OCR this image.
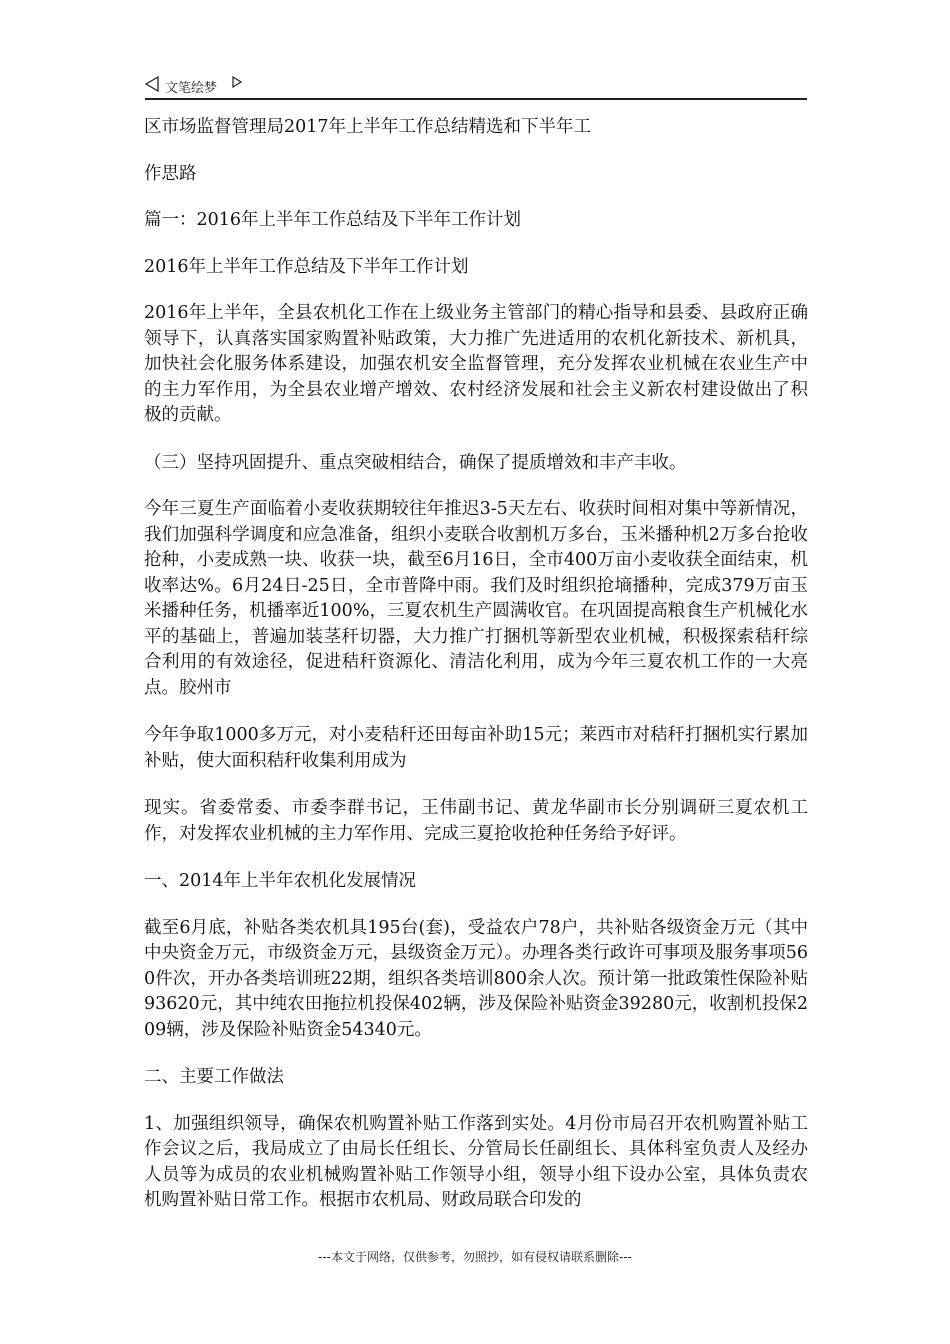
文笔绘梦

区市场监督管理局2017年上半年工作总结精选和下半年工

作思路

篇一：2016年上半年工作总结及下半年工作计划

2016年上半年工作总结及下半年工作计划

2016年上半年，全县农机化工作在上级业务主管部门的精心指导和县委、县政府正确领导下，认真落实国家购置补贴政策，大力推广先进适用的农机化新技术、新机具，加快社会化服务体系建设，加强农机安全监督管理，充分发挥农业机械在农业生产中的主力军作用，为全县农业增产增效、农村经济发展和社会主义新农村建设做出了积极的贡献。

（三）坚持巩固提升、重点突破相结合，确保了提质增效和丰产丰收。

今年三夏生产面临着小麦收获期较往年推迟3-5天左右、收获时间相对集中等新情况，我们加强科学调度和应急准备，组织小麦联合收割机万多台，玉米播种机2万多台抢收抢种，小麦成熟一块、收获一块，截至6月16日，全市400万亩小麦收获全面结束，机收率达%。6月24日-25日，全市普降中雨。我们及时组织抢墒播种，完成379万亩玉米播种任务，机播率近100%，三夏农机生产圆满收官。在巩固提高粮食生产机械化水平的基础上，普遍加装茎秆切器，大力推广打捆机等新型农业机械，积极探索秸秆综合利用的有效途径，促进秸秆资源化、清洁化利用，成为今年三夏农机工作的一大亮点。胶州市

今年争取1000多万元，对小麦秸秆还田每亩补助15元；莱西市对秸秆打捆机实行累加补贴，使大面积秸秆收集利用成为

现实。省委常委、市委李群书记，王伟副书记、黄龙华副市长分别调研三夏农机工作，对发挥农业机械的主力军作用、完成三夏抢收抢种任务给予好评。

一、2014年上半年农机化发展情况

截至6月底，补贴各类农机具195台(套)，受益农户78户，共补贴各级资金万元（其中中央资金万元，市级资金万元，县级资金万元）。办理各类行政许可事项及服务事项560件次，开办各类培训班22期，组织各类培训800余人次。预计第一批政策性保险补贴93620元，其中纯农田拖拉机投保402辆，涉及保险补贴资金39280元，收割机投保209辆，涉及保险补贴资金54340元。

二、主要工作做法

1、加强组织领导，确保农机购置补贴工作落到实处。4月份市局召开农机购置补贴工作会议之后，我局成立了由局长任组长、分管局长任副组长、具体科室负责人及经办人员等为成员的农业机械购置补贴工作领导小组，领导小组下设办公室，具体负责农机购置补贴日常工作。根据市农机局、财政局联合印发的

---本文于网络，仅供参考，勿照抄，如有侵权请联系删除---
